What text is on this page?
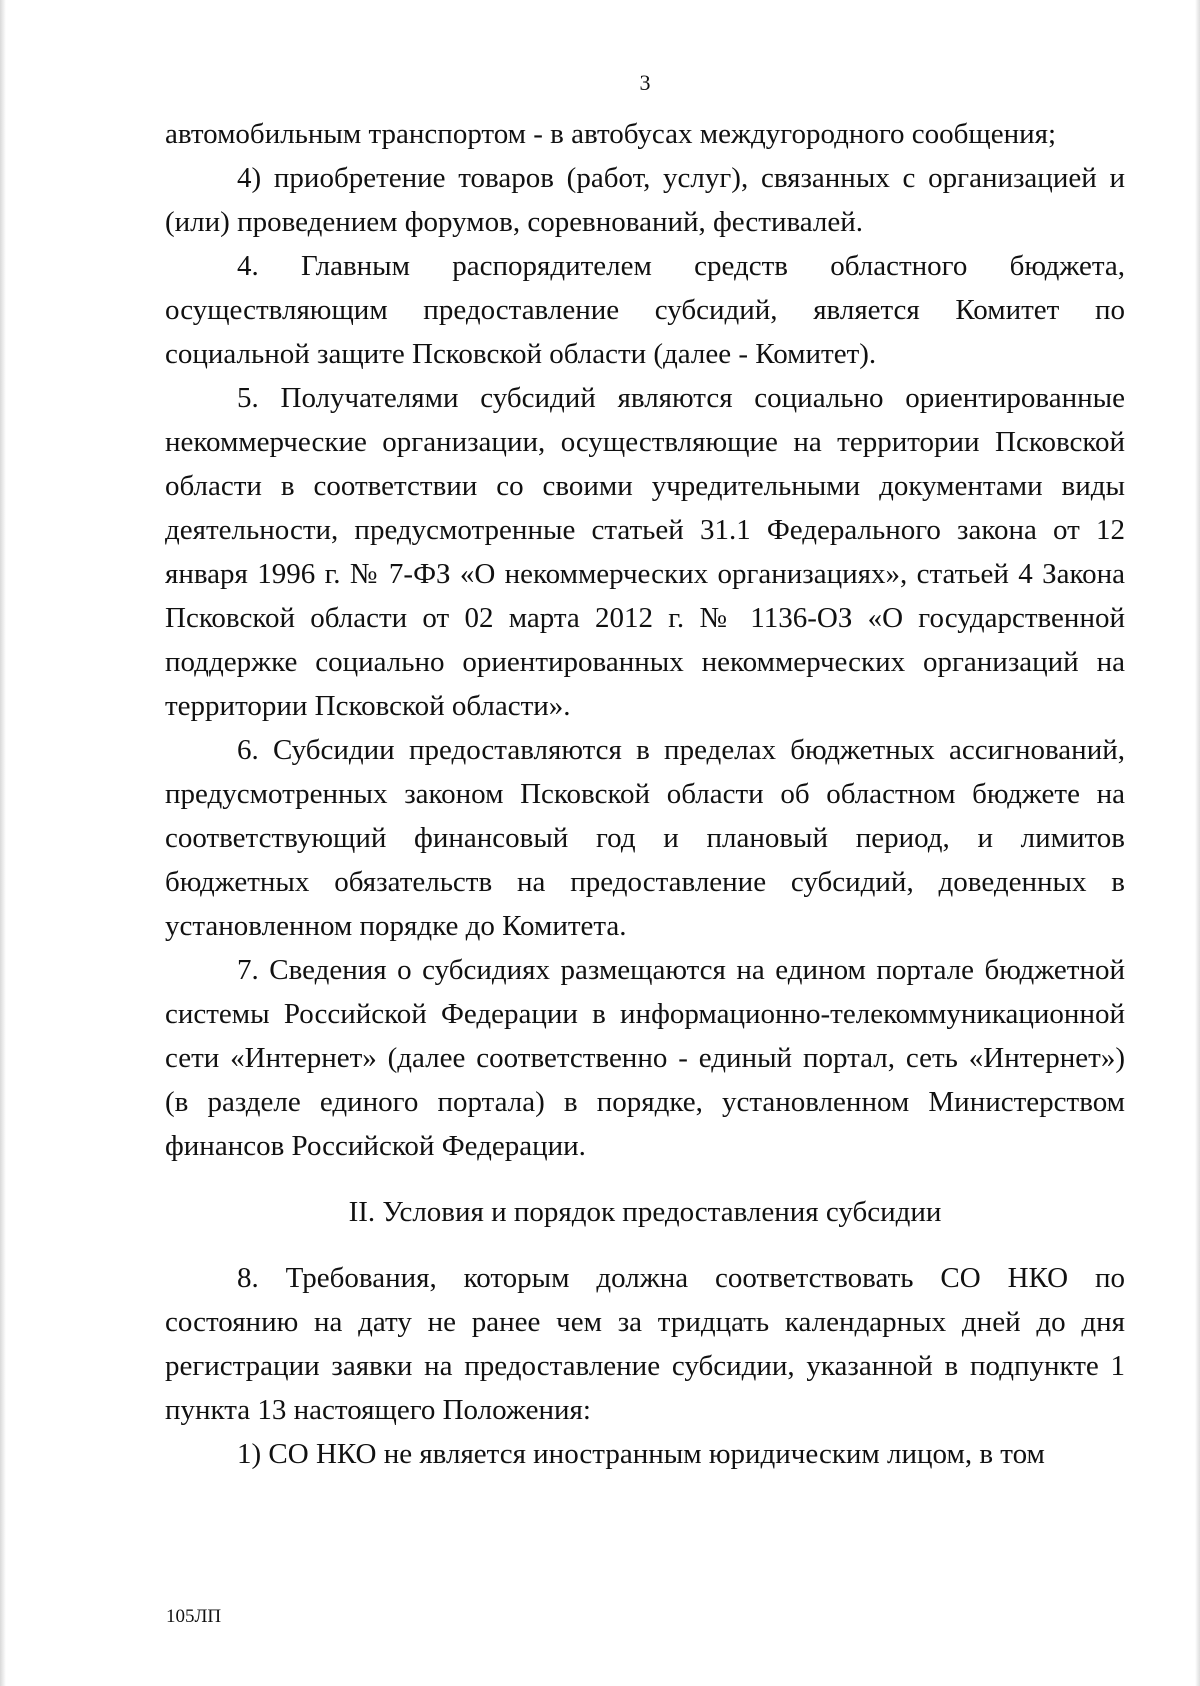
3

автомобильным транспортом - в автобусах междугородного сообщения;

4) приобретение товаров (работ, услуг), связанных с организацией и (или) проведением форумов, соревнований, фестивалей.

4. Главным распорядителем средств областного бюджета, осуществляющим предоставление субсидий, является Комитет по социальной защите Псковской области (далее - Комитет).

5. Получателями субсидий являются социально ориентированные некоммерческие организации, осуществляющие на территории Псковской области в соответствии со своими учредительными документами виды деятельности, предусмотренные статьей 31.1 Федерального закона от 12 января 1996 г. № 7-ФЗ «О некоммерческих организациях», статьей 4 Закона Псковской области от 02 марта 2012 г. № 1136-ОЗ «О государственной поддержке социально ориентированных некоммерческих организаций на территории Псковской области».

6. Субсидии предоставляются в пределах бюджетных ассигнований, предусмотренных законом Псковской области об областном бюджете на соответствующий финансовый год и плановый период, и лимитов бюджетных обязательств на предоставление субсидий, доведенных в установленном порядке до Комитета.

7. Сведения о субсидиях размещаются на едином портале бюджетной системы Российской Федерации в информационно-телекоммуникационной сети «Интернет» (далее соответственно - единый портал, сеть «Интернет») (в разделе единого портала) в порядке, установленном Министерством финансов Российской Федерации.

II. Условия и порядок предоставления субсидии

8. Требования, которым должна соответствовать СО НКО по состоянию на дату не ранее чем за тридцать календарных дней до дня регистрации заявки на предоставление субсидии, указанной в подпункте 1 пункта 13 настоящего Положения:

1) СО НКО не является иностранным юридическим лицом, в том

105ЛП
